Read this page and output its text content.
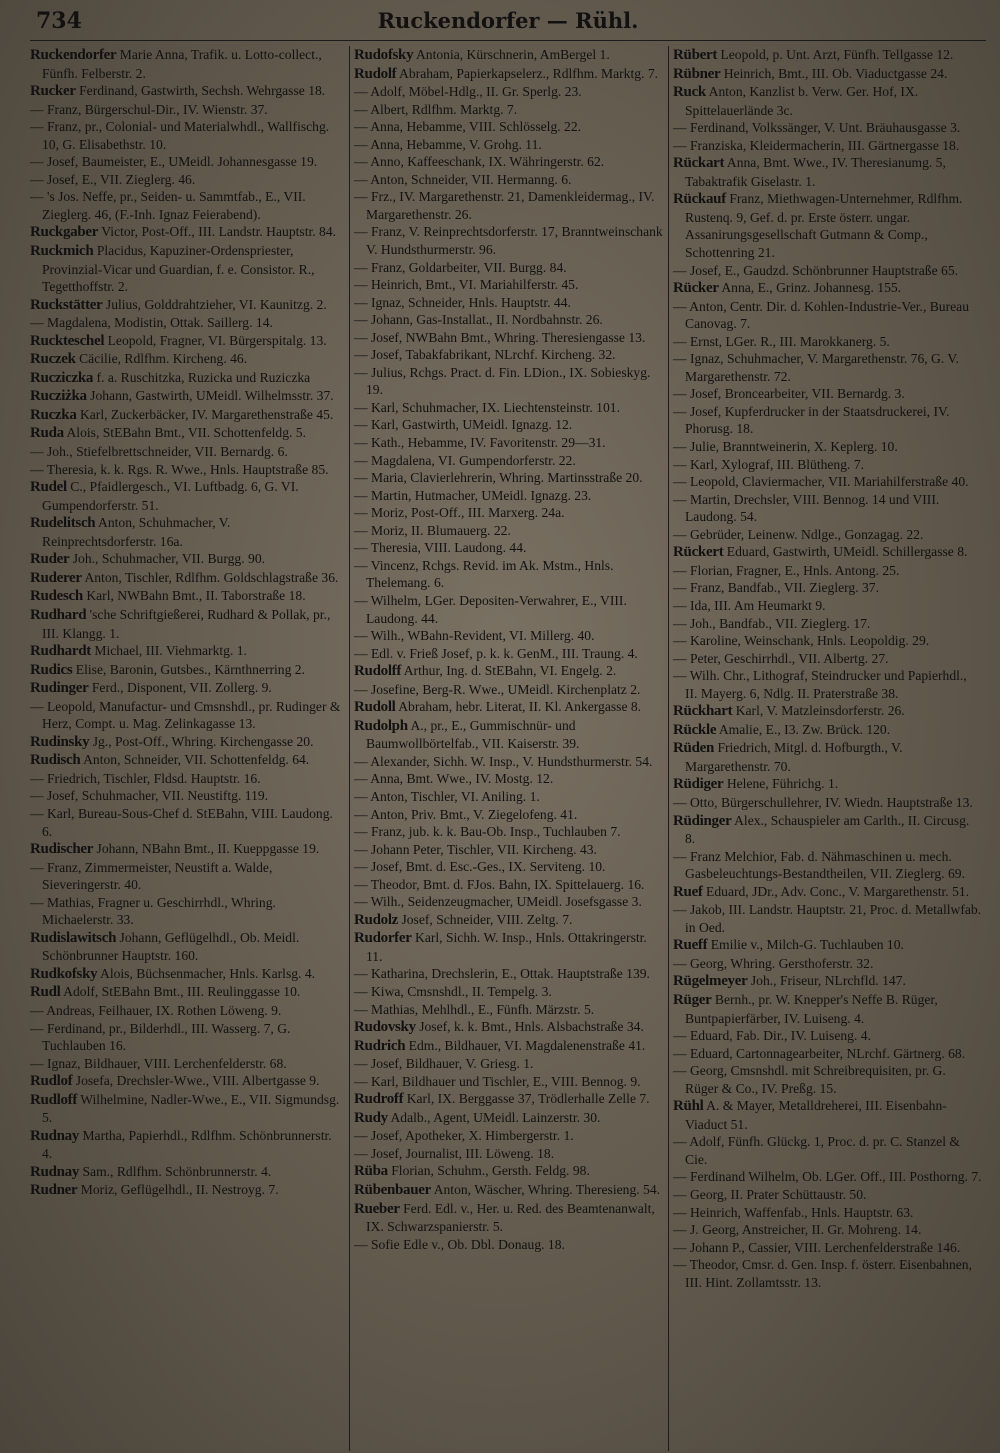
734	Ruckendorfer — Rühl.

Ruckendorfer Marie Anna, Trafik. u. Lotto-collect., Fünfh. Felberstr. 2.

Rucker Ferdinand, Gastwirth, Sechsh. Wehrgasse 18.

— Franz, Bürgerschul-Dir., IV. Wienstr. 37.

— Franz, pr., Colonial- und Materialwhdl., Wallfischg. 10, G. Elisabethstr. 10.

— Josef, Baumeister, E., UMeidl. Johannesgasse 19.

— Josef, E., VII. Zieglerg. 46.

— 's Jos. Neffe, pr., Seiden- u. Sammtfab., E., VII. Zieglerg. 46, (F.-Inh. Ignaz Feierabend).

Ruckgaber Victor, Post-Off., III. Landstr. Hauptstr. 84.

Ruckmich Placidus, Kapuziner-Ordenspriester, Provinzial-Vicar und Guardian, f. e. Consistor. R., Tegetthoffstr. 2.

Ruckstätter Julius, Golddrahtzieher, VI. Kaunitzg. 2.

— Magdalena, Modistin, Ottak. Saillerg. 14.

Ruckteschel Leopold, Fragner, VI. Bürgerspitalg. 13.

Ruczek Cäcilie, Rdlfhm. Kircheng. 46.

Rucziczka f. a. Ruschitzka, Ruzicka und Ruziczka

Rucziżka Johann, Gastwirth, UMeidl. Wilhelmsstr. 37.

Ruczka Karl, Zuckerbäcker, IV. Margarethenstraße 45.

Ruda Alois, StEBahn Bmt., VII. Schottenfeldg. 5.

— Joh., Stiefelbrettschneider, VII. Bernardg. 6.

— Theresia, k. k. Rgs. R. Wwe., Hnls. Hauptstraße 85.

Rudel C., Pfaidlergesch., VI. Luftbadg. 6, G. VI. Gumpendorferstr. 51.

Rudelitsch Anton, Schuhmacher, V. Reinprechtsdorferstr. 16a.

Ruder Joh., Schuhmacher, VII. Burgg. 90.

Ruderer Anton, Tischler, Rdlfhm. Goldschlagstraße 36.

Rudesch Karl, NWBahn Bmt., II. Taborstraße 18.

Rudhard 'sche Schriftgießerei, Rudhard & Pollak, pr., III. Klangg. 1.

Rudhardt Michael, III. Viehmarktg. 1.

Rudics Elise, Baronin, Gutsbes., Kärnthnerring 2.

Rudinger Ferd., Disponent, VII. Zollerg. 9.

— Leopold, Manufactur- und Cmsnshdl., pr. Rudinger & Herz, Compt. u. Mag. Zelinkagasse 13.

Rudinsky Jg., Post-Off., Whring. Kirchengasse 20.

Rudisch Anton, Schneider, VII. Schottenfeldg. 64.

— Friedrich, Tischler, Fldsd. Hauptstr. 16.

— Josef, Schuhmacher, VII. Neustiftg. 119.

— Karl, Bureau-Sous-Chef d. StEBahn, VIII. Laudong. 6.

Rudischer Johann, NBahn Bmt., II. Kueppgasse 19.

— Franz, Zimmermeister, Neustift a. Walde, Sieveringerstr. 40.

— Mathias, Fragner u. Geschirrhdl., Whring. Michaelerstr. 33.

Rudislawitsch Johann, Geflügelhdl., Ob. Meidl. Schönbrunner Hauptstr. 160.

Rudkofsky Alois, Büchsenmacher, Hnls. Karlsg. 4.

Rudl Adolf, StEBahn Bmt., III. Reulinggasse 10.

— Andreas, Feilhauer, IX. Rothen Löweng. 9.

— Ferdinand, pr., Bilderhdl., III. Wasserg. 7, G. Tuchlauben 16.

— Ignaz, Bildhauer, VIII. Lerchenfelderstr. 68.

Rudlof Josefa, Drechsler-Wwe., VIII. Albertgasse 9.

Rudloff Wilhelmine, Nadler-Wwe., E., VII. Sigmundsg. 5.

Rudnay Martha, Papierhdl., Rdlfhm. Schönbrunnerstr. 4.

Rudnay Sam., Rdlfhm. Schönbrunnerstr. 4.

Rudner Moriz, Geflügelhdl., II. Nestroyg. 7.

Rudofsky Antonia, Kürschnerin, AmBergel 1.

Rudolf Abraham, Papierkapselerz., Rdlfhm. Marktg. 7.

— Adolf, Möbel-Hdlg., II. Gr. Sperlg. 23.

— Albert, Rdlfhm. Marktg. 7.

— Anna, Hebamme, VIII. Schlösselg. 22.

— Anna, Hebamme, V. Grohg. 11.

— Anno, Kaffeeschank, IX. Währingerstr. 62.

— Anton, Schneider, VII. Hermanng. 6.

— Frz., IV. Margarethenstr. 21, Damenkleidermag., IV. Margarethenstr. 26.

— Franz, V. Reinprechtsdorferstr. 17, Branntweinschank V. Hundsthurmerstr. 96.

— Franz, Goldarbeiter, VII. Burgg. 84.

— Heinrich, Bmt., VI. Mariahilferstr. 45.

— Ignaz, Schneider, Hnls. Hauptstr. 44.

— Johann, Gas-Installat., II. Nordbahnstr. 26.

— Josef, NWBahn Bmt., Whring. Theresiengasse 13.

— Josef, Tabakfabrikant, NLrchf. Kircheng. 32.

— Julius, Rchgs. Pract. d. Fin. LDion., IX. Sobieskyg. 19.

— Karl, Schuhmacher, IX. Liechtensteinstr. 101.

— Karl, Gastwirth, UMeidl. Ignazg. 12.

— Kath., Hebamme, IV. Favoritenstr. 29—31.

— Magdalena, VI. Gumpendorferstr. 22.

— Maria, Clavierlehrerin, Whring. Martinsstraße 20.

— Martin, Hutmacher, UMeidl. Ignazg. 23.

— Moriz, Post-Off., III. Marxerg. 24a.

— Moriz, II. Blumauerg. 22.

— Theresia, VIII. Laudong. 44.

— Vincenz, Rchgs. Revid. im Ak. Mstm., Hnls. Thelemang. 6.

— Wilhelm, LGer. Depositen-Verwahrer, E., VIII. Laudong. 44.

— Wilh., WBahn-Revident, VI. Millerg. 40.

— Edl. v. Frieß Josef, p. k. k. GenM., III. Traung. 4.

Rudolff Arthur, Ing. d. StEBahn, VI. Engelg. 2.

— Josefine, Berg-R. Wwe., UMeidl. Kirchenplatz 2.

Rudoll Abraham, hebr. Literat, II. Kl. Ankergasse 8.

Rudolph A., pr., E., Gummischnür- und Baumwollbörtelfab., VII. Kaiserstr. 39.

— Alexander, Sichh. W. Insp., V. Hundsthurmerstr. 54.

— Anna, Bmt. Wwe., IV. Mostg. 12.

— Anton, Tischler, VI. Aniling. 1.

— Anton, Priv. Bmt., V. Ziegelofeng. 41.

— Franz, jub. k. k. Bau-Ob. Insp., Tuchlauben 7.

— Johann Peter, Tischler, VII. Kircheng. 43.

— Josef, Bmt. d. Esc.-Ges., IX. Serviteng. 10.

— Theodor, Bmt. d. FJos. Bahn, IX. Spittelauerg. 16.

— Wilh., Seidenzeugmacher, UMeidl. Josefsgasse 3.

Rudolz Josef, Schneider, VIII. Zeltg. 7.

Rudorfer Karl, Sichh. W. Insp., Hnls. Ottakringerstr. 11.

— Katharina, Drechslerin, E., Ottak. Hauptstraße 139.

— Kiwa, Cmsnshdl., II. Tempelg. 3.

— Mathias, Mehlhdl., E., Fünfh. Märzstr. 5.

Rudovsky Josef, k. k. Bmt., Hnls. Alsbachstraße 34.

Rudrich Edm., Bildhauer, VI. Magdalenenstraße 41.

— Josef, Bildhauer, V. Griesg. 1.

— Karl, Bildhauer und Tischler, E., VIII. Bennog. 9.

Rudroff Karl, IX. Berggasse 37, Trödlerhalle Zelle 7.

Rudy Adalb., Agent, UMeidl. Lainzerstr. 30.

— Josef, Apotheker, X. Himbergerstr. 1.

— Josef, Journalist, III. Löweng. 18.

Rüba Florian, Schuhm., Gersth. Feldg. 98.

Rübenbauer Anton, Wäscher, Whring. Theresieng. 54.

Rueber Ferd. Edl. v., Her. u. Red. des Beamtenanwalt, IX. Schwarzspanierstr. 5.

— Sofie Edle v., Ob. Dbl. Donaug. 18.

Rübert Leopold, p. Unt. Arzt, Fünfh. Tellgasse 12.

Rübner Heinrich, Bmt., III. Ob. Viaductgasse 24.

Ruck Anton, Kanzlist b. Verw. Ger. Hof, IX. Spittelauerlände 3c.

— Ferdinand, Volkssänger, V. Unt. Bräuhausgasse 3.

— Franziska, Kleidermacherin, III. Gärtnergasse 18.

Rückart Anna, Bmt. Wwe., IV. Theresianumg. 5, Tabaktrafik Giselastr. 1.

Rückauf Franz, Miethwagen-Unternehmer, Rdlfhm. Rustenq. 9, Gef. d. pr. Erste österr. ungar. Assanirungsgesellschaft Gutmann & Comp., Schottenring 21.

— Josef, E., Gaudzd. Schönbrunner Hauptstraße 65.

Rücker Anna, E., Grinz. Johannesg. 155.

— Anton, Centr. Dir. d. Kohlen-Industrie-Ver., Bureau Canovag. 7.

— Ernst, LGer. R., III. Marokkanerg. 5.

— Ignaz, Schuhmacher, V. Margarethenstr. 76, G. V. Margarethenstr. 72.

— Josef, Broncearbeiter, VII. Bernardg. 3.

— Josef, Kupferdrucker in der Staatsdruckerei, IV. Phorusg. 18.

— Julie, Branntweinerin, X. Keplerg. 10.

— Karl, Xylograf, III. Blütheng. 7.

— Leopold, Claviermacher, VII. Mariahilferstraße 40.

— Martin, Drechsler, VIII. Bennog. 14 und VIII. Laudong. 54.

— Gebrüder, Leinenw. Ndlge., Gonzagag. 22.

Rückert Eduard, Gastwirth, UMeidl. Schillergasse 8.

— Florian, Fragner, E., Hnls. Antong. 25.

— Franz, Bandfab., VII. Zieglerg. 37.

— Ida, III. Am Heumarkt 9.

— Joh., Bandfab., VII. Zieglerg. 17.

— Karoline, Weinschank, Hnls. Leopoldig. 29.

— Peter, Geschirrhdl., VII. Albertg. 27.

— Wilh. Chr., Lithograf, Steindrucker und Papierhdl., II. Mayerg. 6, Ndlg. II. Praterstraße 38.

Rückhart Karl, V. Matzleinsdorferstr. 26.

Rückle Amalie, E., I3. Zw. Brück. 120.

Rüden Friedrich, Mitgl. d. Hofburgth., V. Margarethenstr. 70.

Rüdiger Helene, Führichg. 1.

— Otto, Bürgerschullehrer, IV. Wiedn. Hauptstraße 13.

Rüdinger Alex., Schauspieler am Carlth., II. Circusg. 8.

— Franz Melchior, Fab. d. Nähmaschinen u. mech. Gasbeleuchtungs-Bestandtheilen, VII. Zieglerg. 69.

Ruef Eduard, JDr., Adv. Conc., V. Margarethenstr. 51.

— Jakob, III. Landstr. Hauptstr. 21, Proc. d. Metallwfab. in Oed.

Rueff Emilie v., Milch-G. Tuchlauben 10.

— Georg, Whring. Gersthoferstr. 32.

Rügelmeyer Joh., Friseur, NLrchfld. 147.

Rüger Bernh., pr. W. Knepper's Neffe B. Rüger, Buntpapierfärber, IV. Luiseng. 4.

— Eduard, Fab. Dir., IV. Luiseng. 4.

— Eduard, Cartonnagearbeiter, NLrchf. Gärtnerg. 68.

— Georg, Cmsnshdl. mit Schreibrequisiten, pr. G. Rüger & Co., IV. Preßg. 15.

Rühl A. & Mayer, Metalldreherei, III. Eisenbahn-Viaduct 51.

— Adolf, Fünfh. Glückg. 1, Proc. d. pr. C. Stanzel & Cie.

— Ferdinand Wilhelm, Ob. LGer. Off., III. Posthorng. 7.

— Georg, II. Prater Schüttaustr. 50.

— Heinrich, Waffenfab., Hnls. Hauptstr. 63.

— J. Georg, Anstreicher, II. Gr. Mohreng. 14.

— Johann P., Cassier, VIII. Lerchenfelderstraße 146.

— Theodor, Cmsr. d. Gen. Insp. f. österr. Eisenbahnen, III. Hint. Zollamtsstr. 13.
